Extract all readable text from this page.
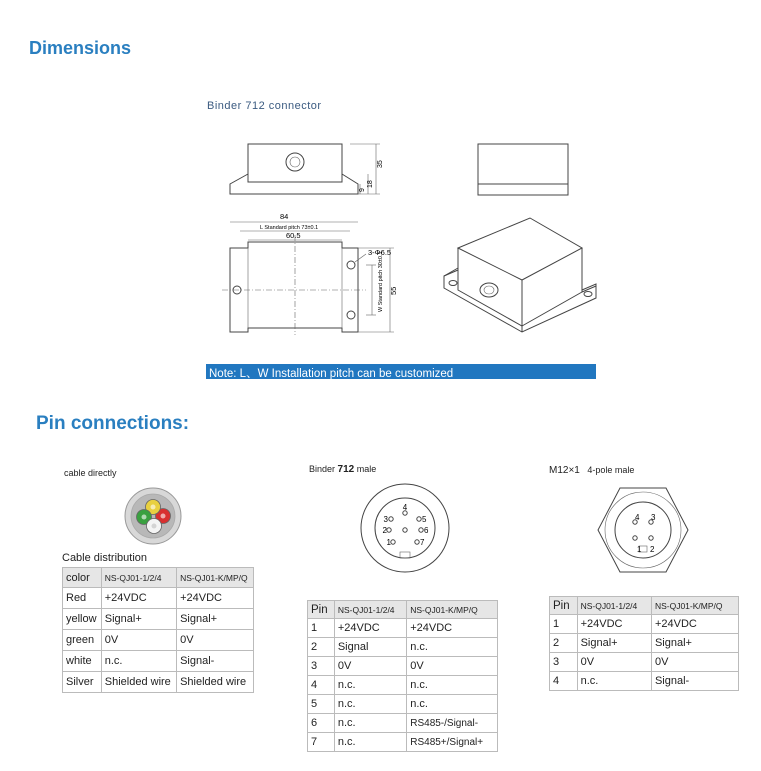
Dimensions
Pin connections:
Binder 712 connector
35
18
9
84
L Standard pitch 73±0.1
60.5
3-Φ6.5
W Standard pitch 30±0.1 55
Note: L、W Installation pitch can be customized
cable directly
Cable distribution
color	NS-QJ01-1/2/4	NS-QJ01-K/MP/Q
Red	+24VDC	+24VDC
yellow	Signal+	Signal+
green	0V	0V
white	n.c.	Signal-
Silver	Shielded wire	Shielded wire
Binder 712 male
1
2
3
4
5
6
7
Pin	NS-QJ01-1/2/4	NS-QJ01-K/MP/Q
1	+24VDC	+24VDC
2	Signal	n.c.
3	0V	0V
4	n.c.	n.c.
5	n.c.	n.c.
6	n.c.	RS485-/Signal-
7	n.c.	RS485+/Signal+
M12×1 4-pole male
1 2
3
4
Pin	NS-QJ01-1/2/4	NS-QJ01-K/MP/Q
1	+24VDC	+24VDC
2	Signal+	Signal+
3	0V	0V
4	n.c.	Signal-
